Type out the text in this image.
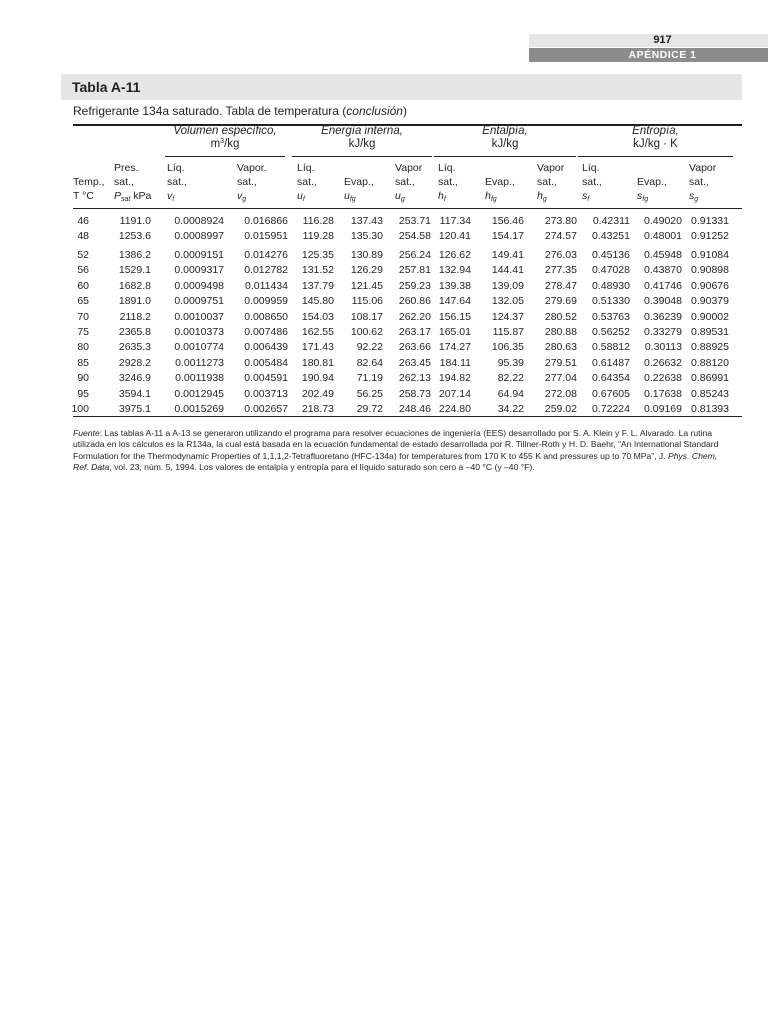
917
APÉNDICE 1
Tabla A-11
Refrigerante 134a saturado. Tabla de temperatura (conclusión)
Volumen específico,
$m^3/kg$
Energía interna,
kJ/kg
Entalpía,
kJ/kg
Entropía,
kJ/kg · K
Pres.
Temp., sat.,
T °C Psat kPa
Líq.
sat.,
vf
Vapor.
sat.,
vg
Líq.
sat.,
uf
Evap.,
ufg
Vapor
sat.,
ug
Líq.
sat.,
hf
Evap.,
hfg
Vapor
sat.,
hg
Líq.
sat.,
sf
Evap.,
sfg
Vapor
sat.,
sg
46	1191.0 0.0008924 0.016866 116.28 137.43 253.71 117.34 156.46 273.80 0.42311 0.49020 0.91331
48	1253.6 0.0008997 0.015951 119.28 135.30 254.58 120.41 154.17 274.57 0.43251 0.48001 0.91252
52	1386.2 0.0009151 0.014276 125.35 130.89 256.24 126.62 149.41 276.03 0.45136 0.45948 0.91084
56	1529.1 0.0009317 0.012782 131.52 126.29 257.81 132.94 144.41 277.35 0.47028 0.43870 0.90898
60	1682.8 0.0009498 0.011434 137.79 121.45 259.23 139.38 139.09 278.47 0.48930 0.41746 0.90676
65	1891.0 0.0009751 0.009959 145.80 115.06 260.86 147.64 132.05 279.69 0.51330 0.39048 0.90379
70	2118.2 0.0010037 0.008650 154.03 108.17 262.20 156.15 124.37 280.52 0.53763 0.36239 0.90002
75	2365.8 0.0010373 0.007486 162.55 100.62 263.17 165.01 115.87 280.88 0.56252 0.33279 0.89531
80	2635.3 0.0010774 0.006439 171.43 92.22 263.66 174.27 106.35 280.63 0.58812 0.30113 0.88925
85	2928.2 0.0011273 0.005484 180.81 82.64 263.45 184.11	95.39 279.51 0.61487 0.26632 0.88120
90	3246.9 0.0011938 0.004591 190.94 71.19 262.13 194.82	82.22 277.04 0.64354 0.22638 0.86991
95	3594.1 0.0012945 0.003713 202.49 56.25 258.73 207.14	64.94 272.08 0.67605 0.17638 0.85243
100	3975.1 0.0015269 0.002657 218.73 29.72 248.46 224.80	34.22 259.02 0.72224 0.09169 0.81393
Fuente: Las tablas A-11 a A-13 se generaron utilizando el programa para resolver ecuaciones de ingeniería (EES) desarrollado por S. A. Klein y F. L. Alvarado. La rutina utilizada en los cálculos es la R134a, la cual está basada en la ecuación fundamental de estado desarrollada por R. Tillner-Roth y H. D. Baehr, “An International Standard Formulation for the Thermodynamic Properties of 1,1,1,2-Tetrafluoretano (HFC-134a) for temperatures from 170 K to 455 K and pressures up to 70 MPa”, J. Phys. Chem, Ref. Data, vol. 23, núm. 5, 1994. Los valores de entalpía y entropía para el líquido saturado son cero a –40 °C (y –40 °F).
